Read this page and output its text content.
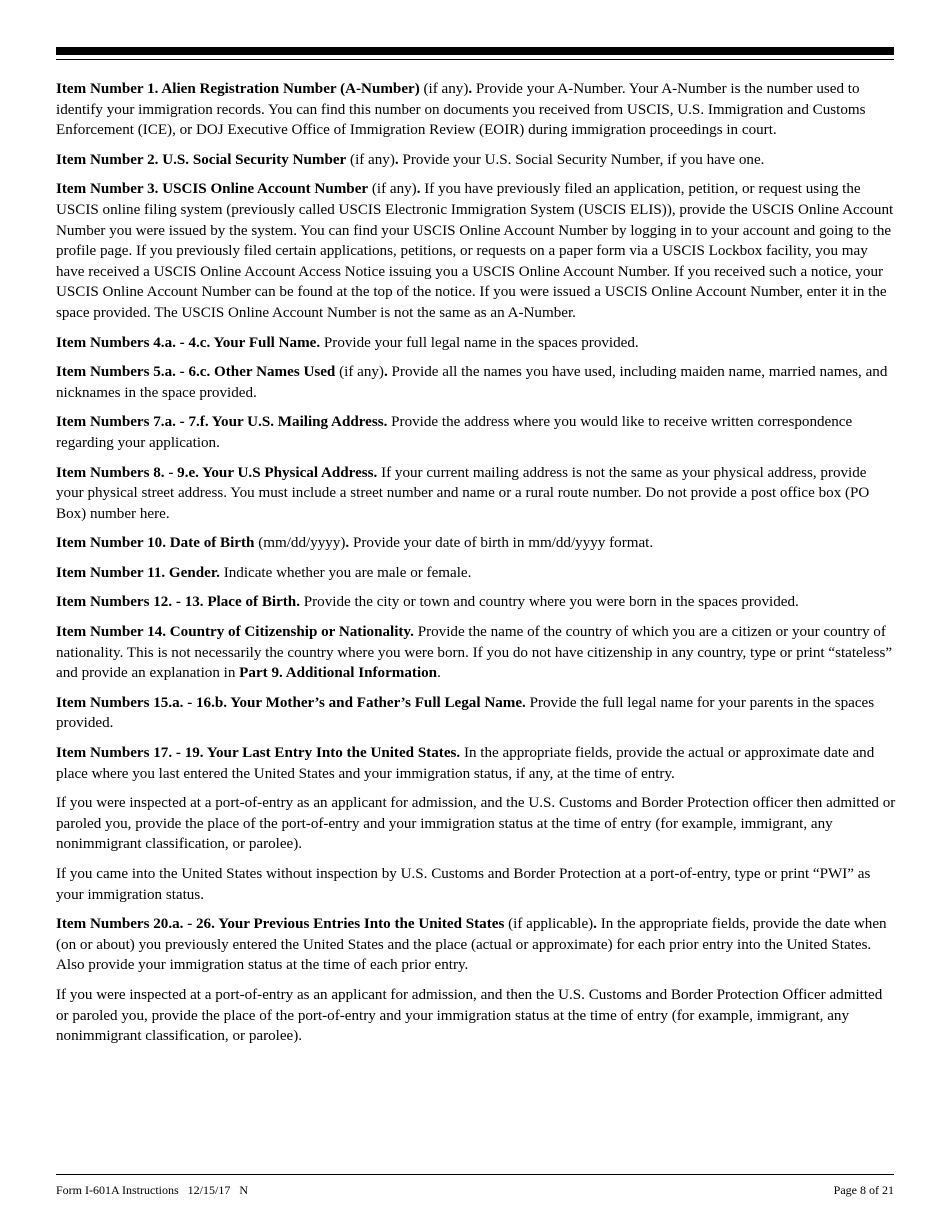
Item Number 1. Alien Registration Number (A-Number) (if any). Provide your A-Number. Your A-Number is the number used to identify your immigration records. You can find this number on documents you received from USCIS, U.S. Immigration and Customs Enforcement (ICE), or DOJ Executive Office of Immigration Review (EOIR) during immigration proceedings in court.

Item Number 2. U.S. Social Security Number (if any). Provide your U.S. Social Security Number, if you have one.

Item Number 3. USCIS Online Account Number (if any). If you have previously filed an application, petition, or request using the USCIS online filing system (previously called USCIS Electronic Immigration System (USCIS ELIS)), provide the USCIS Online Account Number you were issued by the system. You can find your USCIS Online Account Number by logging in to your account and going to the profile page. If you previously filed certain applications, petitions, or requests on a paper form via a USCIS Lockbox facility, you may have received a USCIS Online Account Access Notice issuing you a USCIS Online Account Number. If you received such a notice, your USCIS Online Account Number can be found at the top of the notice. If you were issued a USCIS Online Account Number, enter it in the space provided. The USCIS Online Account Number is not the same as an A-Number.

Item Numbers 4.a. - 4.c. Your Full Name. Provide your full legal name in the spaces provided.

Item Numbers 5.a. - 6.c. Other Names Used (if any). Provide all the names you have used, including maiden name, married names, and nicknames in the space provided.

Item Numbers 7.a. - 7.f. Your U.S. Mailing Address. Provide the address where you would like to receive written correspondence regarding your application.

Item Numbers 8. - 9.e. Your U.S Physical Address. If your current mailing address is not the same as your physical address, provide your physical street address. You must include a street number and name or a rural route number. Do not provide a post office box (PO Box) number here.

Item Number 10. Date of Birth (mm/dd/yyyy). Provide your date of birth in mm/dd/yyyy format.

Item Number 11. Gender. Indicate whether you are male or female.

Item Numbers 12. - 13. Place of Birth. Provide the city or town and country where you were born in the spaces provided.

Item Number 14. Country of Citizenship or Nationality. Provide the name of the country of which you are a citizen or your country of nationality. This is not necessarily the country where you were born. If you do not have citizenship in any country, type or print “stateless” and provide an explanation in Part 9. Additional Information.

Item Numbers 15.a. - 16.b. Your Mother’s and Father’s Full Legal Name. Provide the full legal name for your parents in the spaces provided.

Item Numbers 17. - 19. Your Last Entry Into the United States. In the appropriate fields, provide the actual or approximate date and place where you last entered the United States and your immigration status, if any, at the time of entry.

If you were inspected at a port-of-entry as an applicant for admission, and the U.S. Customs and Border Protection officer then admitted or paroled you, provide the place of the port-of-entry and your immigration status at the time of entry (for example, immigrant, any nonimmigrant classification, or parolee).

If you came into the United States without inspection by U.S. Customs and Border Protection at a port-of-entry, type or print “PWI” as your immigration status.

Item Numbers 20.a. - 26. Your Previous Entries Into the United States (if applicable). In the appropriate fields, provide the date when (on or about) you previously entered the United States and the place (actual or approximate) for each prior entry into the United States. Also provide your immigration status at the time of each prior entry.

If you were inspected at a port-of-entry as an applicant for admission, and then the U.S. Customs and Border Protection Officer admitted or paroled you, provide the place of the port-of-entry and your immigration status at the time of entry (for example, immigrant, any nonimmigrant classification, or parolee).

Form I-601A Instructions   12/15/17   N	Page 8 of 21
